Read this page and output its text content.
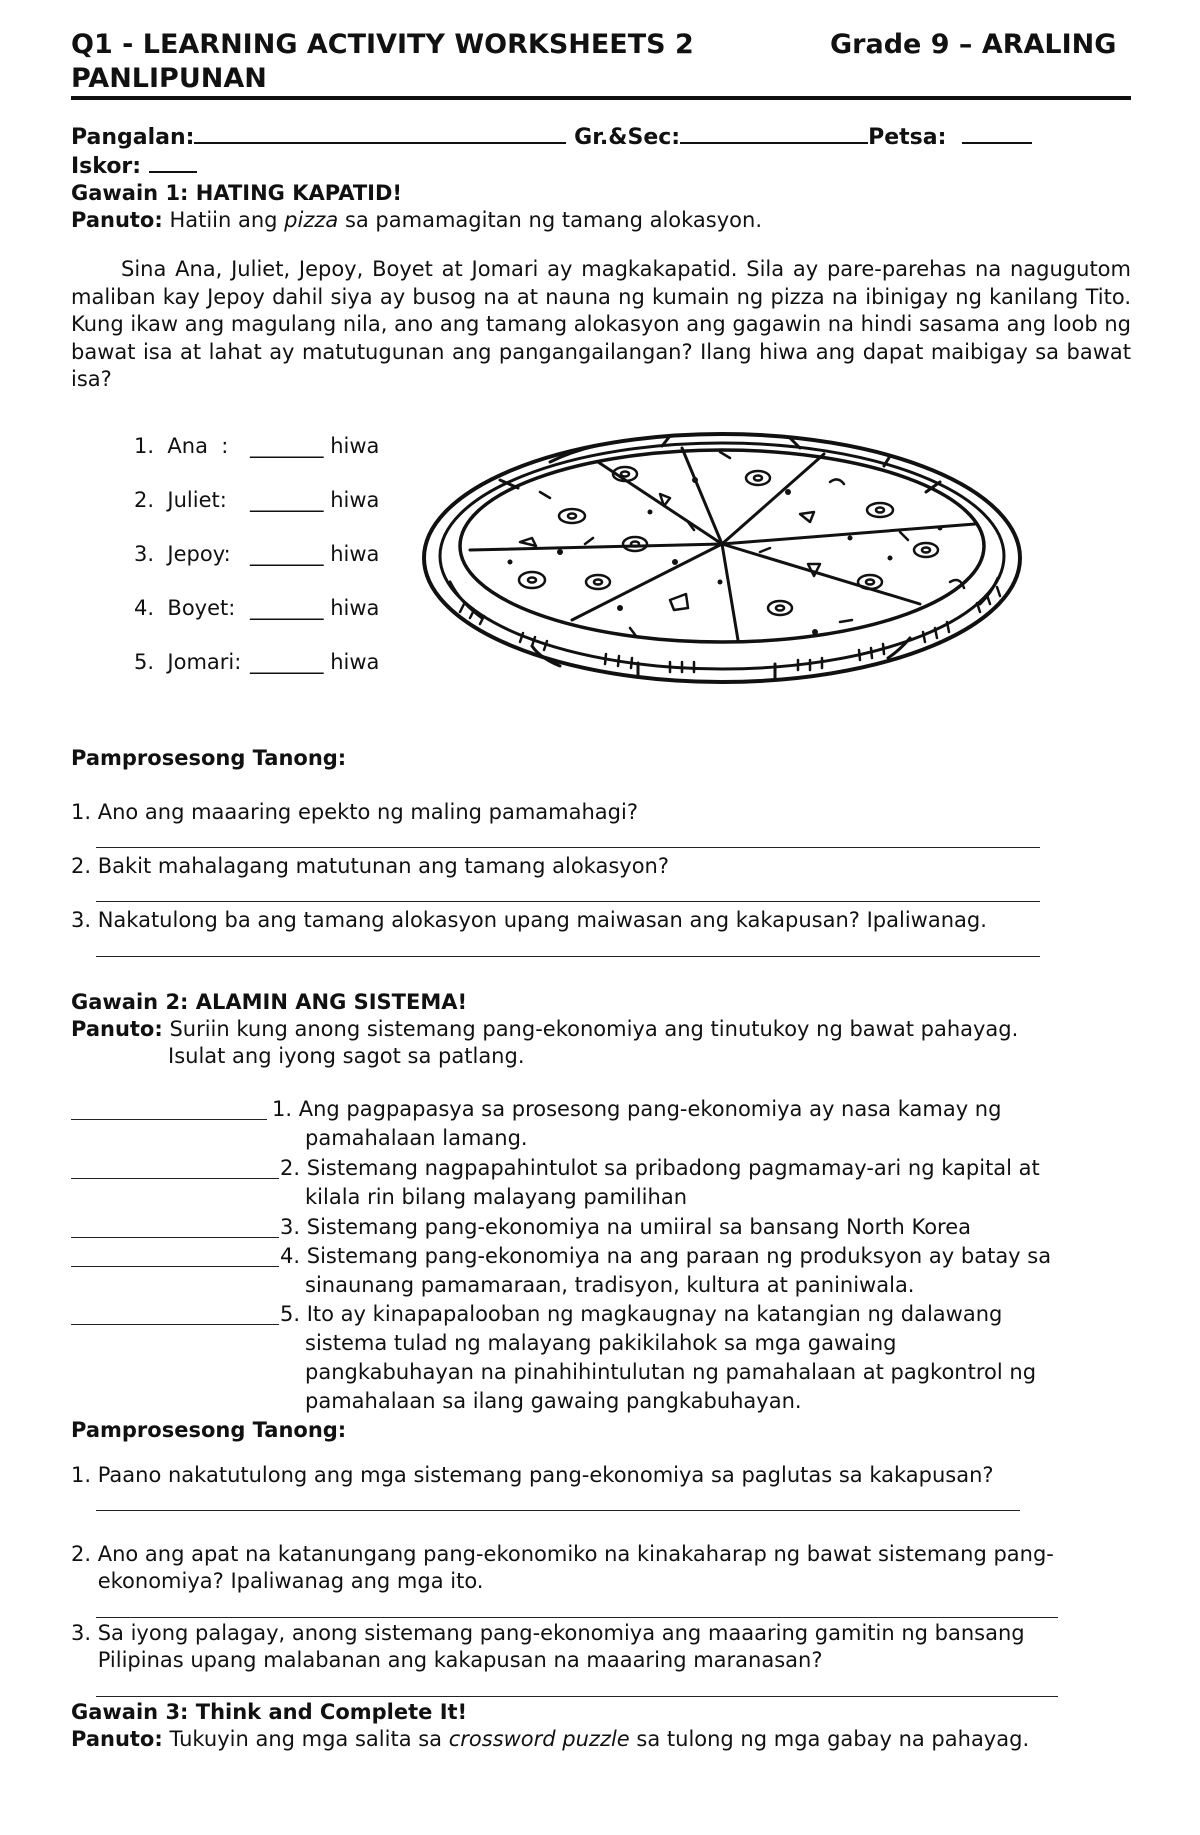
Q1 - LEARNING ACTIVITY WORKSHEETS 2	Grade 9 – ARALING
PANLIPUNAN
Pangalan:	Gr.&Sec:	Petsa:
Iskor:
Gawain 1: HATING KAPATID!
Panuto: Hatiin ang pizza sa pamamagitan ng tamang alokasyon.
Sina Ana, Juliet, Jepoy, Boyet at Jomari ay magkakapatid. Sila ay pare-parehas na nagugutom maliban kay Jepoy dahil siya ay busog na at nauna ng kumain ng pizza na ibinigay ng kanilang Tito. Kung ikaw ang magulang nila, ano ang tamang alokasyon ang gagawin na hindi sasama ang loob ng bawat isa at lahat ay matutugunan ang pangangailangan? Ilang hiwa ang dapat maibigay sa bawat isa?
1. Ana  : _______ hiwa
2. Juliet: _______ hiwa
3. Jepoy: _______ hiwa
4. Boyet: _______ hiwa
5. Jomari: _______ hiwa
Pamprosesong Tanong:
1. Ano ang maaaring epekto ng maling pamamahagi?
2. Bakit mahalagang matutunan ang tamang alokasyon?
3. Nakatulong ba ang tamang alokasyon upang maiwasan ang kakapusan? Ipaliwanag.
Gawain 2: ALAMIN ANG SISTEMA!
Panuto: Suriin kung anong sistemang pang-ekonomiya ang tinutukoy ng bawat pahayag.
Isulat ang iyong sagot sa patlang.
1. Ang pagpapasya sa prosesong pang-ekonomiya ay nasa kamay ng
pamahalaan lamang.
2. Sistemang nagpapahintulot sa pribadong pagmamay-ari ng kapital at
kilala rin bilang malayang pamilihan
3. Sistemang pang-ekonomiya na umiiral sa bansang North Korea
4. Sistemang pang-ekonomiya na ang paraan ng produksyon ay batay sa
sinaunang pamamaraan, tradisyon, kultura at paniniwala.
5. Ito ay kinapapalooban ng magkaugnay na katangian ng dalawang
sistema tulad ng malayang pakikilahok sa mga gawaing
pangkabuhayan na pinahihintulutan ng pamahalaan at pagkontrol ng
pamahalaan sa ilang gawaing pangkabuhayan.
Pamprosesong Tanong:
1. Paano nakatutulong ang mga sistemang pang-ekonomiya sa paglutas sa kakapusan?
2. Ano ang apat na katanungang pang-ekonomiko na kinakaharap ng bawat sistemang pang-
ekonomiya? Ipaliwanag ang mga ito.
3. Sa iyong palagay, anong sistemang pang-ekonomiya ang maaaring gamitin ng bansang
Pilipinas upang malabanan ang kakapusan na maaaring maranasan?
Gawain 3: Think and Complete It!
Panuto: Tukuyin ang mga salita sa crossword puzzle sa tulong ng mga gabay na pahayag.
